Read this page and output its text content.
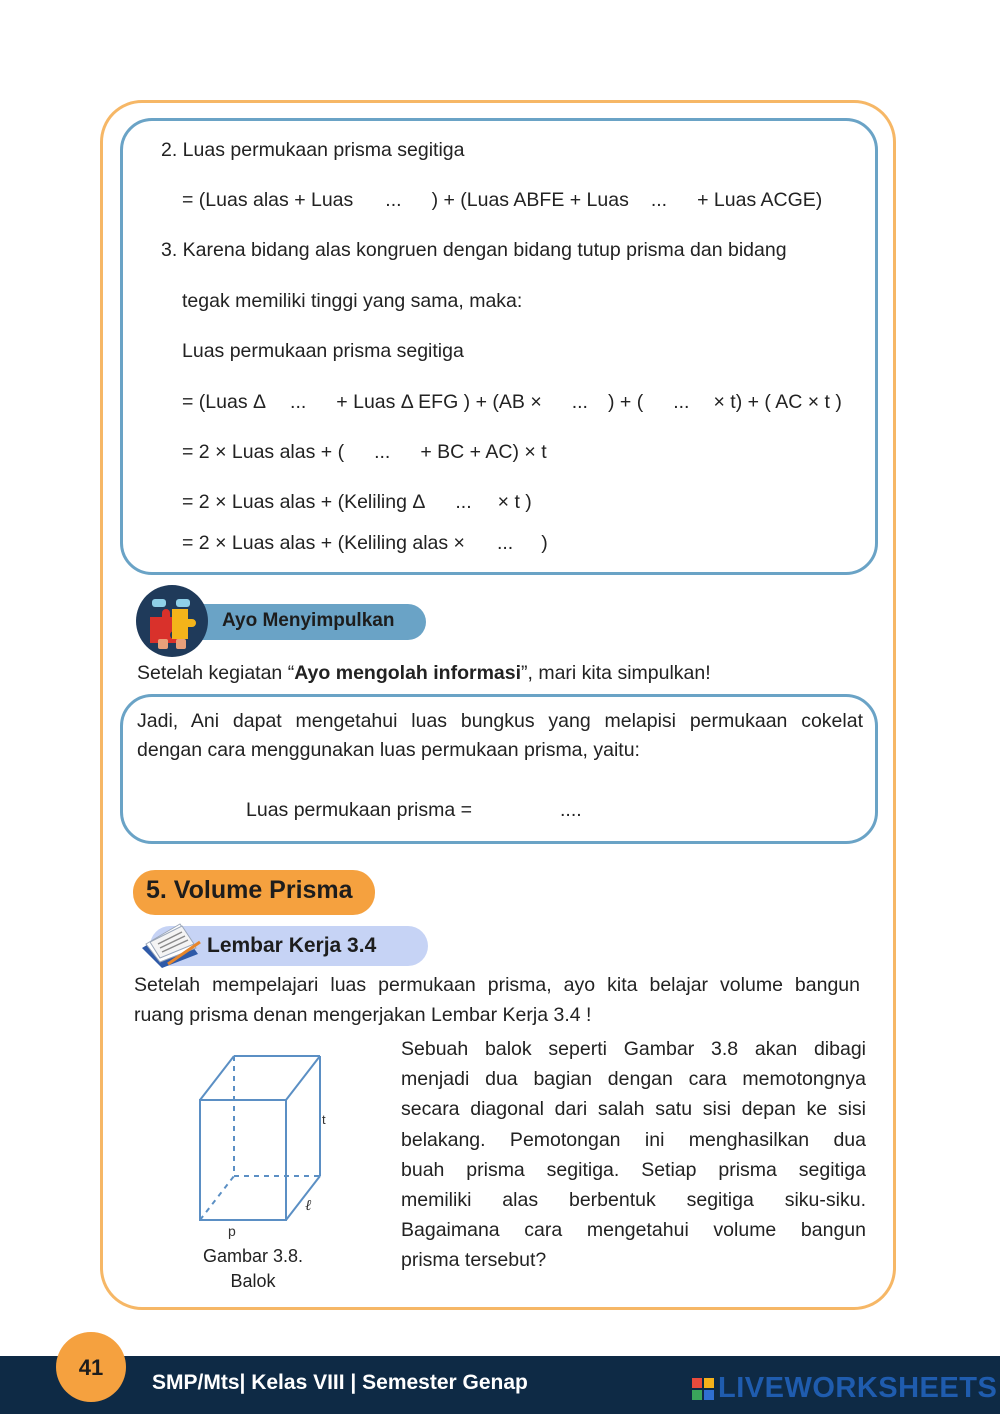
2. Luas permukaan prisma segitiga
= (Luas alas + Luas ... ) + (Luas ABFE + Luas ... + Luas ACGE)
3. Karena bidang alas kongruen dengan bidang tutup prisma dan bidang
tegak memiliki tinggi yang sama, maka:
Luas permukaan prisma segitiga
= (Luas Δ ... + Luas Δ EFG ) + (AB × ... ) + ( ... × t) + ( AC × t )
= 2 × Luas alas + ( ... + BC + AC) × t
= 2 × Luas alas + (Keliling Δ ... × t )
= 2 × Luas alas + (Keliling alas × ... )
Ayo Menyimpulkan
Setelah kegiatan “Ayo mengolah informasi”, mari kita simpulkan!
Jadi, Ani dapat mengetahui luas bungkus yang melapisi permukaan cokelat
dengan cara menggunakan luas permukaan prisma, yaitu:
Luas permukaan prisma =	....
5. Volume Prisma
Lembar Kerja 3.4
Setelah mempelajari luas permukaan prisma, ayo kita belajar volume bangun
ruang prisma denan mengerjakan Lembar Kerja 3.4 !
t
ℓ
p
Gambar 3.8.
Balok
Sebuah balok seperti Gambar 3.8 akan dibagi
menjadi dua bagian dengan cara memotongnya
secara diagonal dari salah satu sisi depan ke sisi
belakang. Pemotongan ini menghasilkan dua
buah prisma segitiga. Setiap prisma segitiga
memiliki alas berbentuk segitiga siku-siku.
Bagaimana cara mengetahui volume bangun
prisma tersebut?
41
SMP/Mts| Kelas VIII | Semester Genap	LIVEWORKSHEETS
